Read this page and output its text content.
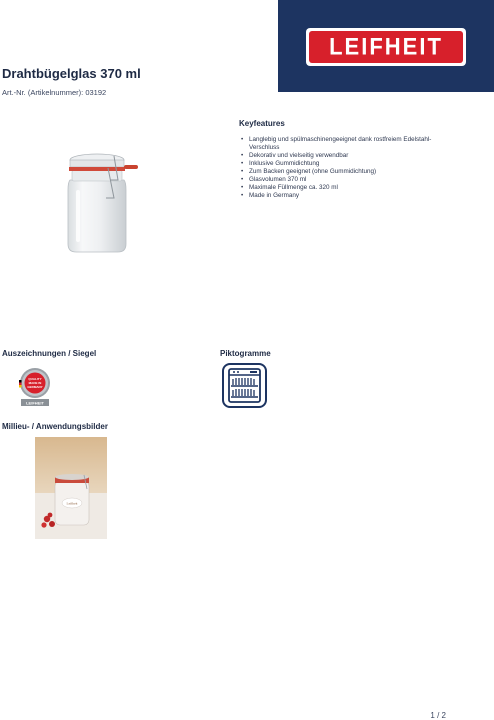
LEIFHEIT
Drahtbügelglas 370 ml
Art.-Nr. (Artikelnummer): 03192
Keyfeatures
• Langlebig und spülmaschinengeeignet dank rostfreiem Edelstahl-
Verschluss
• Dekorativ und vielseitig verwendbar
• Inklusive Gummidichtung
• Zum Backen geeignet (ohne Gummidichtung)
• Glasvolumen 370 ml
• Maximale Füllmenge ca. 320 ml
• Made in Germany
Auszeichnungen / Siegel	Piktogramme
Millieu- / Anwendungsbilder
QUALITY
MADE IN
GERMANY
LEIFHEIT
Leifheit
1 / 2
